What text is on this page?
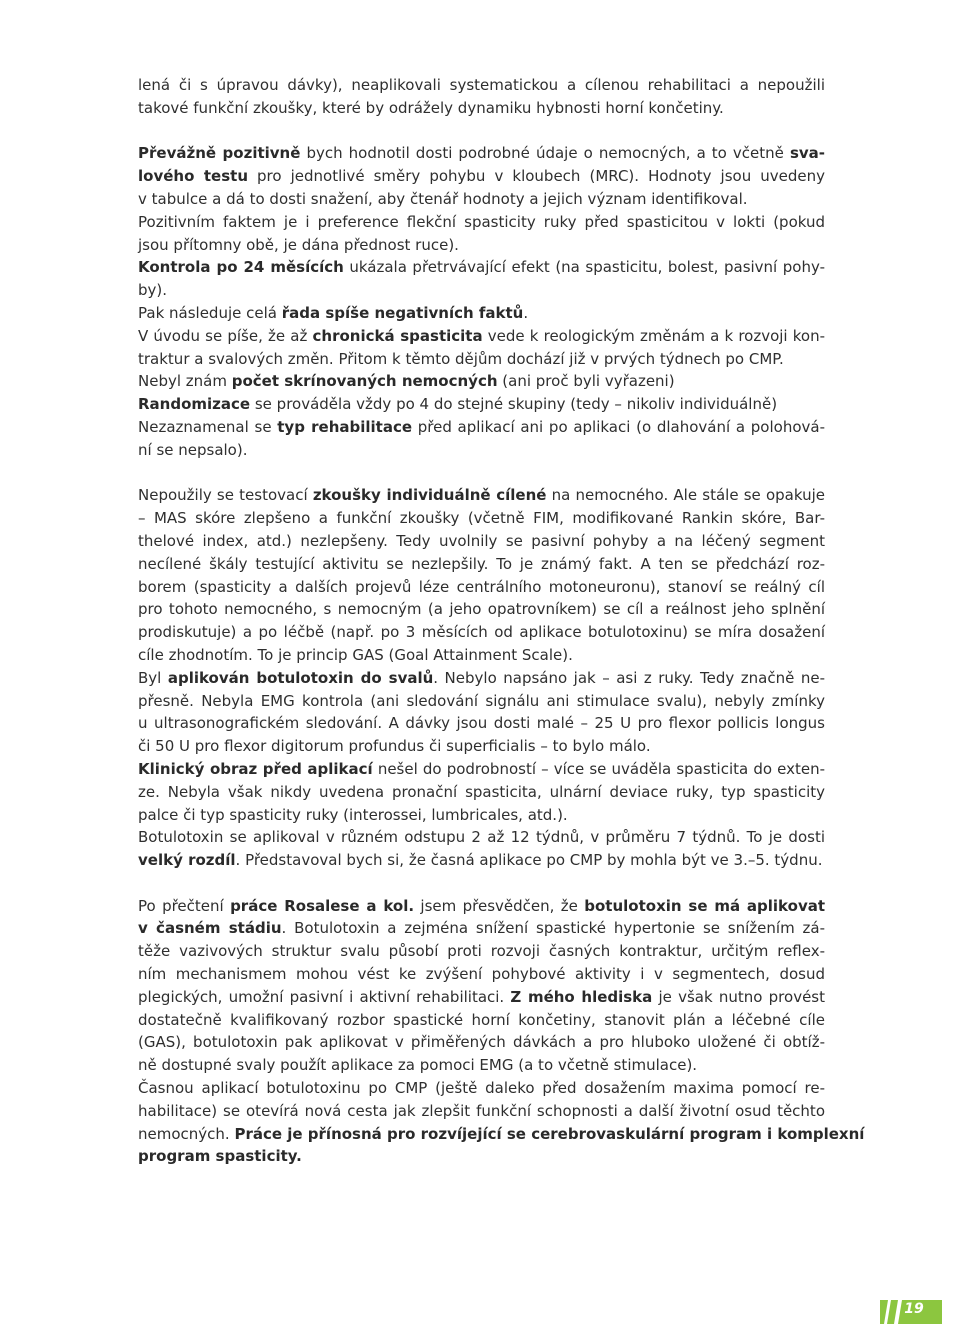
lená či s úpravou dávky), neaplikovali systematickou a cílenou rehabilitaci a nepoužili
takové funkční zkoušky, které by odrážely dynamiku hybnosti horní končetiny.
Převážně pozitivně bych hodnotil dosti podrobné údaje o nemocných, a to včetně sva-
lového testu pro jednotlivé směry pohybu v kloubech (MRC). Hodnoty jsou uvedeny
v tabulce a dá to dosti snažení, aby čtenář hodnoty a jejich význam identifikoval.
Pozitivním faktem je i preference flekční spasticity ruky před spasticitou v lokti (pokud
jsou přítomny obě, je dána přednost ruce).
Kontrola po 24 měsících ukázala přetrvávající efekt (na spasticitu, bolest, pasivní pohy-
by).
Pak následuje celá řada spíše negativních faktů.
V úvodu se píše, že až chronická spasticita vede k reologickým změnám a k rozvoji kon-
traktur a svalových změn. Přitom k těmto dějům dochází již v prvých týdnech po CMP.
Nebyl znám počet skrínovaných nemocných (ani proč byli vyřazeni)
Randomizace se prováděla vždy po 4 do stejné skupiny (tedy – nikoliv individuálně)
Nezaznamenal se typ rehabilitace před aplikací ani po aplikaci (o dlahování a polohová-
ní se nepsalo).
Nepoužily se testovací zkoušky individuálně cílené na nemocného. Ale stále se opakuje
– MAS skóre zlepšeno a funkční zkoušky (včetně FIM, modifikované Rankin skóre, Bar-
thelové index, atd.) nezlepšeny. Tedy uvolnily se pasivní pohyby a na léčený segment
necílené škály testující aktivitu se nezlepšily. To je známý fakt. A ten se předchází roz-
borem (spasticity a dalších projevů léze centrálního motoneuronu), stanoví se reálný cíl
pro tohoto nemocného, s nemocným (a jeho opatrovníkem) se cíl a reálnost jeho splnění
prodiskutuje) a po léčbě (např. po 3 měsících od aplikace botulotoxinu) se míra dosažení
cíle zhodnotím. To je princip GAS (Goal Attainment Scale).
Byl aplikován botulotoxin do svalů. Nebylo napsáno jak – asi z ruky. Tedy značně ne-
přesně. Nebyla EMG kontrola (ani sledování signálu ani stimulace svalu), nebyly zmínky
u ultrasonografickém sledování. A dávky jsou dosti malé – 25 U pro flexor pollicis longus
či 50 U pro flexor digitorum profundus či superficialis – to bylo málo.
Klinický obraz před aplikací nešel do podrobností – více se uváděla spasticita do exten-
ze. Nebyla však nikdy uvedena pronační spasticita, ulnární deviace ruky, typ spasticity
palce či typ spasticity ruky (interossei, lumbricales, atd.).
Botulotoxin se aplikoval v různém odstupu 2 až 12 týdnů, v průměru 7 týdnů. To je dosti
velký rozdíl. Představoval bych si, že časná aplikace po CMP by mohla být ve 3.–5. týdnu.
Po přečtení práce Rosalese a kol. jsem přesvědčen, že botulotoxin se má aplikovat
v časném stádiu. Botulotoxin a zejména snížení spastické hypertonie se snížením zá-
těže vazivových struktur svalu působí proti rozvoji časných kontraktur, určitým reflex-
ním mechanismem mohou vést ke zvýšení pohybové aktivity i v segmentech, dosud
plegických, umožní pasivní i aktivní rehabilitaci. Z mého hlediska je však nutno provést
dostatečně kvalifikovaný rozbor spastické horní končetiny, stanovit plán a léčebné cíle
(GAS), botulotoxin pak aplikovat v přiměřených dávkách a pro hluboko uložené či obtíž-
ně dostupné svaly použít aplikace za pomoci EMG (a to včetně stimulace).
Časnou aplikací botulotoxinu po CMP (ještě daleko před dosažením maxima pomocí re-
habilitace) se otevírá nová cesta jak zlepšit funkční schopnosti a další životní osud těchto
nemocných. Práce je přínosná pro rozvíjející se cerebrovaskulární program i komplexní
program spasticity.
19
